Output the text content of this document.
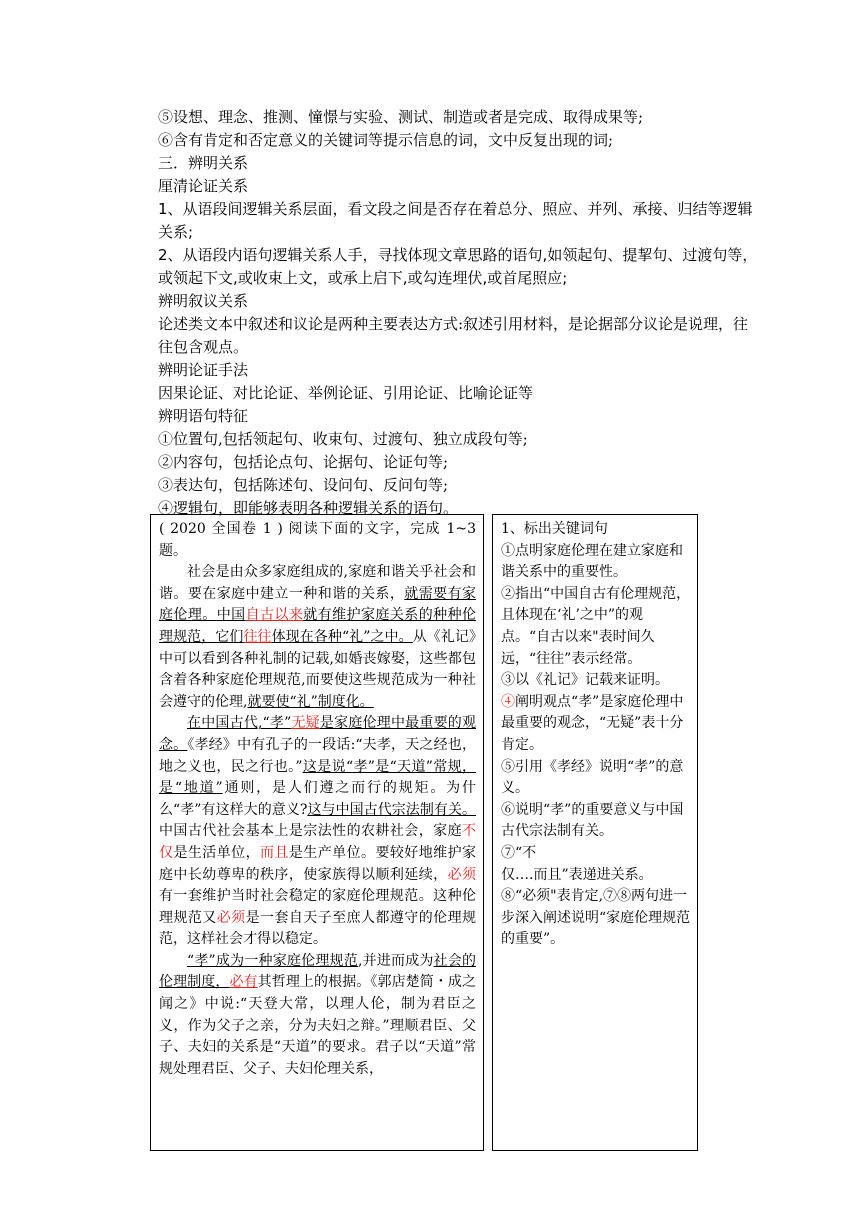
⑤设想、理念、推测、憧憬与实验、测试、制造或者是完成、取得成果等;
⑥含有肯定和否定意义的关键词等提示信息的词，文中反复出现的词;
三．辨明关系
厘清论证关系
1、从语段间逻辑关系层面，看文段之间是否存在着总分、照应、并列、承接、归结等逻辑关系;
2、从语段内语句逻辑关系人手，寻找体现文章思路的语句,如领起句、提挈句、过渡句等，或领起下文,或收束上文，或承上启下,或勾连埋伏,或首尾照应;
辨明叙议关系
论述类文本中叙述和议论是两种主要表达方式:叙述引用材料，是论据部分议论是说理，往往包含观点。
辨明论证手法
因果论证、对比论证、举例论证、引用论证、比喻论证等
辨明语句特征
①位置句,包括领起句、收束句、过渡句、独立成段句等;
②内容句，包括论点句、论据句、论证句等;
③表达句，包括陈述句、设问句、反问句等;
④逻辑句，即能够表明各种逻辑关系的语句。

( 2020 全国卷 1 ) 阅读下面的文字，完成 1~3 题。

社会是由众多家庭组成的,家庭和谐关乎社会和谐。要在家庭中建立一种和谐的关系，就需要有家庭伦理。中国自古以来就有维护家庭关系的种种伦理规范，它们往往体现在各种“礼”之中。从《礼记》中可以看到各种礼制的记载,如婚丧嫁娶，这些都包含着各种家庭伦理规范,而要使这些规范成为一种社会遵守的伦理,就要使“礼”制度化。

在中国古代,“孝”无疑是家庭伦理中最重要的观念。《孝经》中有孔子的一段话:“夫孝，天之经也，地之义也，民之行也。”这是说“孝”是“天道”常规，是“地道”通则，是人们遵之而行的规矩。为什么“孝”有这样大的意义?这与中国古代宗法制有关。中国古代社会基本上是宗法性的农耕社会，家庭不仅是生活单位，而且是生产单位。要较好地维护家庭中长幼尊卑的秩序，使家族得以顺利延续，必须有一套维护当时社会稳定的家庭伦理规范。这种伦理规范又必须是一套自天子至庶人都遵守的伦理规范，这样社会才得以稳定。

“孝”成为一种家庭伦理规范,并进而成为社会的伦理制度，必有其哲理上的根据。《郭店楚简・成之闻之》中说:“天登大常，以理人伦，制为君臣之义，作为父子之亲，分为夫妇之辩。”理顺君臣、父子、夫妇的关系是“天道”的要求。君子以“天道”常规处理君臣、父子、夫妇伦理关系，

1、标出关键词句
①点明家庭伦理在建立家庭和谐关系中的重要性。
②指出“中国自古有伦理规范，且体现在‘礼’之中”的观点。“自古以来"表时间久远，“往往”表示经常。
③以《礼记》记载来证明。
④阐明观点“孝”是家庭伦理中最重要的观念，“无疑”表十分肯定。
⑤引用《孝经》说明“孝”的意义。
⑥说明“孝”的重要意义与中国古代宗法制有关。
⑦“不
仅….而且”表递进关系。
⑧“必须"表肯定,⑦⑧两句进一步深入阐述说明“家庭伦理规范的重要”。
